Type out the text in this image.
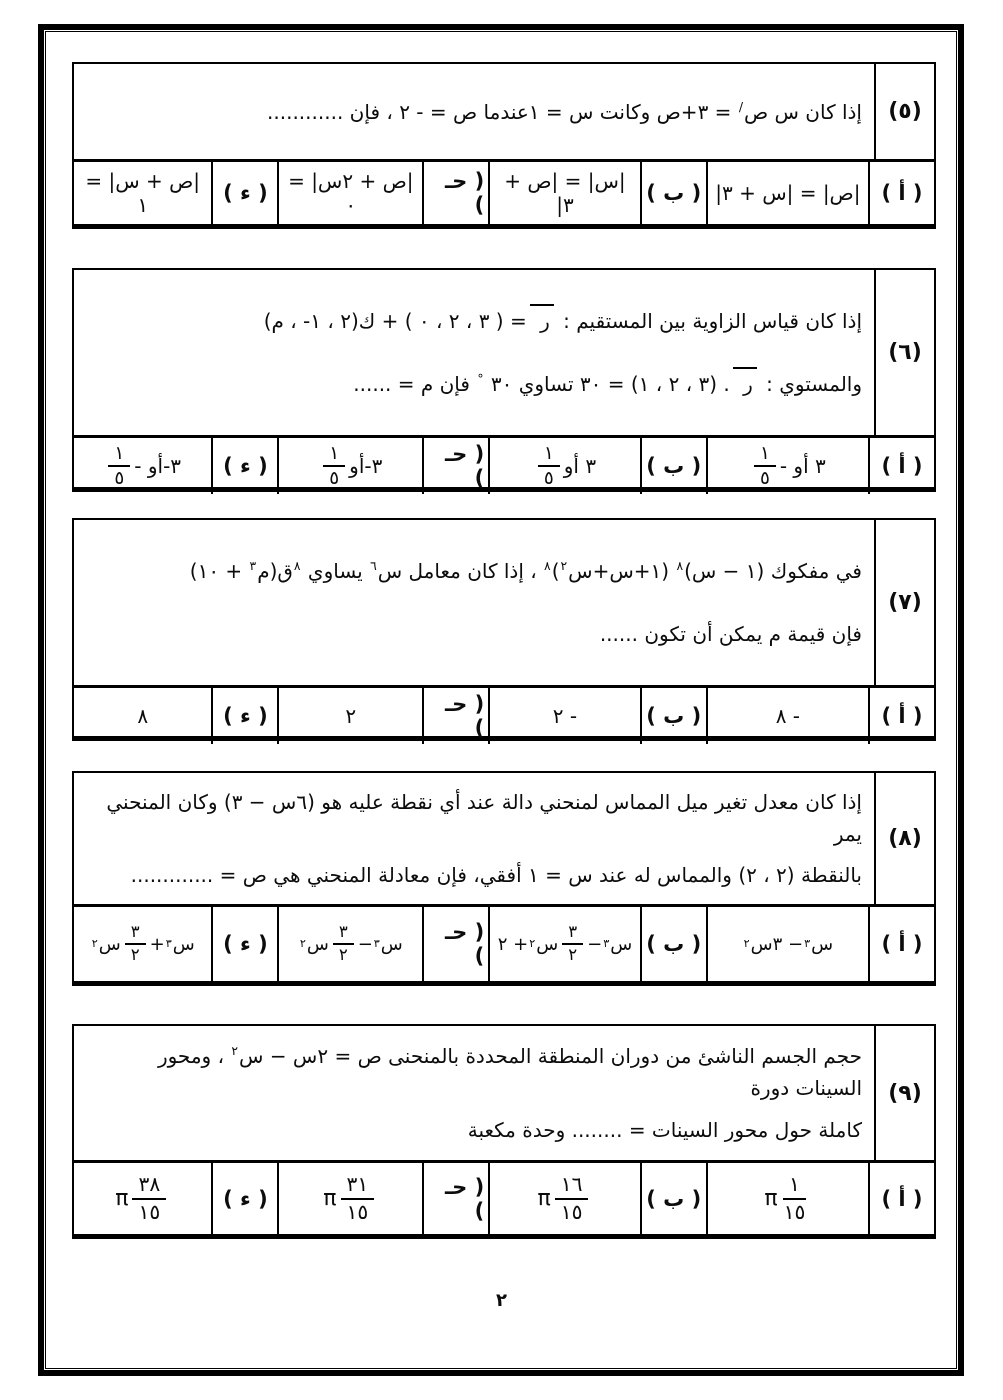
(٥)
إذا كان س ص/ = ٣+ص وكانت س = ١عندما ص = - ٢ ، فإن ............
( أ )
|ص| = |س + ٣|
( ب )
|س| = |ص + ٣|
( حـ )
|ص + ٢س| = ٠
( ء )
|ص + س| = ١
(٦)
إذا كان قياس الزاوية بين المستقيم : ر = ( ٣ ، ٢ ، ٠ ) + ك(٢ ، -١ ، م)
والمستوي : ر . (٣ ، ٢ ، ١) = ٣٠ تساوي ٣٠ ° فإن م = ......
( أ )
٣ أو -
١
٥
( ب )
٣ أو
١
٥
( حـ )
-٣
أو
١
٥
( ء )
-٣
أو -
١
٥
(٧)
في مفكوك (١ − س)$^٨$ (١+س+س$^٢$)$^٨$ ، إذا كان معامل س$^٦$ يساوي $^٨$ق(م$^٣$ + ١٠)
فإن قيمة م يمكن أن تكون ......
( أ )
- ٨
( ب )
- ٢
( حـ )
٢
( ء )
٨
(٨)
إذا كان معدل تغير ميل المماس لمنحني دالة عند أي نقطة عليه هو (٦س − ٣) وكان المنحني يمر
بالنقطة (٢ ، ٢) والمماس له عند س = ١ أفقي، فإن معادلة المنحني هي ص = .............
( أ )
س
٣
− ٣س
٢
( ب )
س
٣
−
٣
٢
س
٢
+ ٢
( حـ )
س
٣
−
٣
٢
س
٢
( ء )
س
٣
+
٣
٢
س
٢
(٩)
حجم الجسم الناشئ من دوران المنطقة المحددة بالمنحنى ص = ٢س − س$^٢$ ، ومحور السينات دورة
كاملة حول محور السينات = ........ وحدة مكعبة
( أ )
١
١٥
π
( ب )
١٦
١٥
π
( حـ )
٣١
١٥
π
( ء )
٣٨
١٥
π
٢
